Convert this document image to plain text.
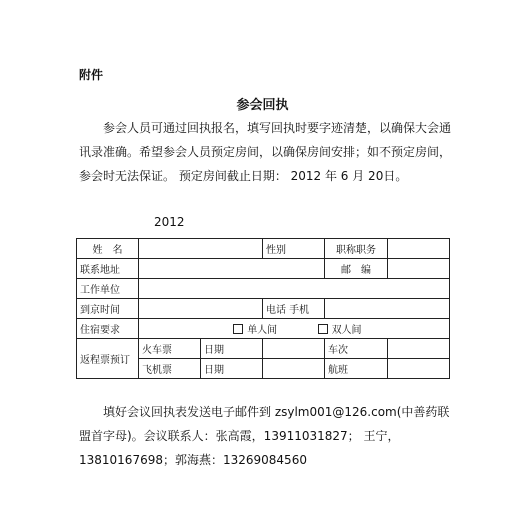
附件
参会回执
参会人员可通过回执报名，填写回执时要字迹清楚，以确保大会通讯录准确。希望参会人员预定房间，以确保房间安排；如不预定房间，参会时无法保证。 预定房间截止日期： 2012 年 6 月 20日。
2012
姓　名			性别	职称职务	
联系地址				邮　编	
工作单位					
到京时间			电话 手机		
住宿要求	单人间 双人间				
返程票预订	火车票	日期		车次	
	飞机票	日期		航班	
填好会议回执表发送电子邮件到 zsylm001@126.com(中善药联盟首字母)。会议联系人：张高霞，13911031827； 王宁，13810167698；郭海燕：13269084560
